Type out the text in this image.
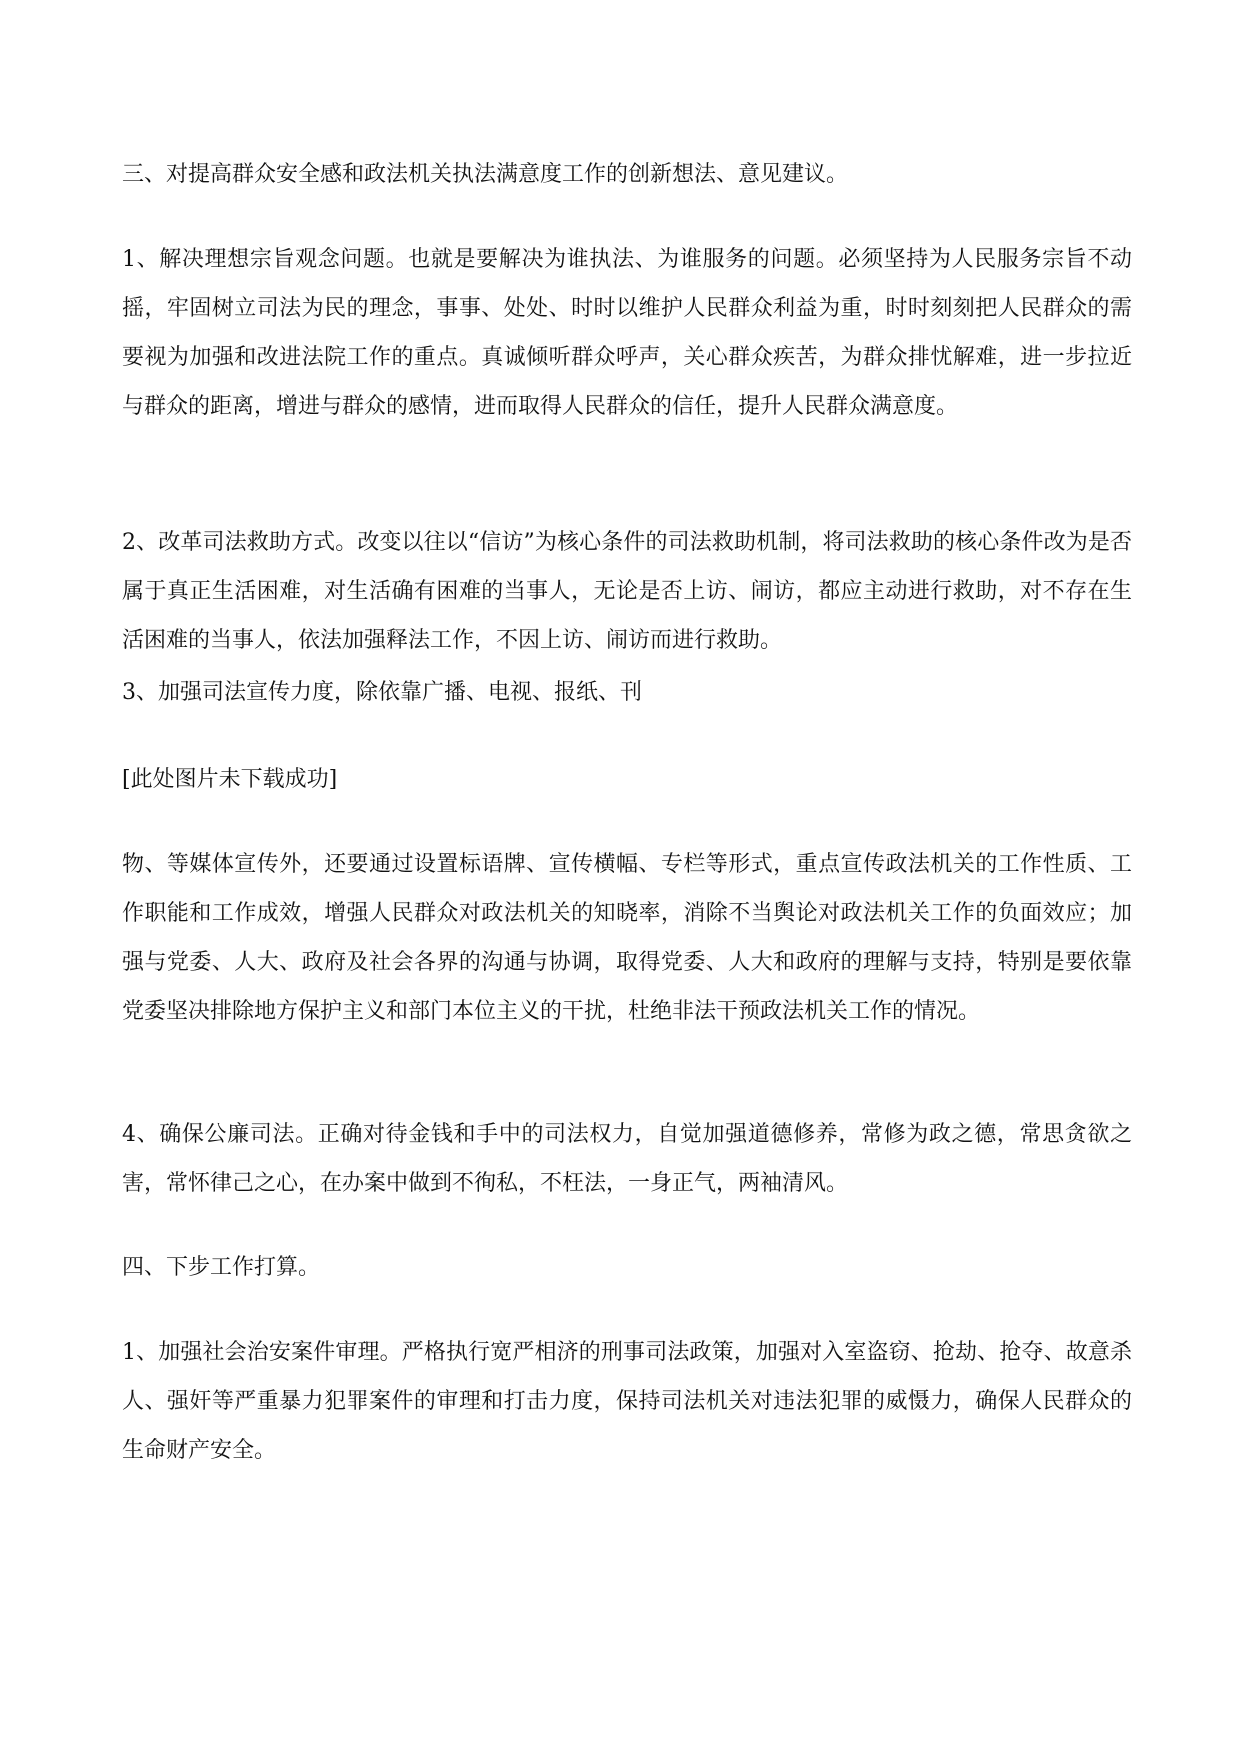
三、对提高群众安全感和政法机关执法满意度工作的创新想法、意见建议。

1、解决理想宗旨观念问题。也就是要解决为谁执法、为谁服务的问题。必须坚持为人民服务宗旨不动摇，牢固树立司法为民的理念，事事、处处、时时以维护人民群众利益为重，时时刻刻把人民群众的需要视为加强和改进法院工作的重点。真诚倾听群众呼声，关心群众疾苦，为群众排忧解难，进一步拉近与群众的距离，增进与群众的感情，进而取得人民群众的信任，提升人民群众满意度。

2、改革司法救助方式。改变以往以“信访”为核心条件的司法救助机制，将司法救助的核心条件改为是否属于真正生活困难，对生活确有困难的当事人，无论是否上访、闹访，都应主动进行救助，对不存在生活困难的当事人，依法加强释法工作，不因上访、闹访而进行救助。

3、加强司法宣传力度，除依靠广播、电视、报纸、刊

[此处图片未下载成功]

物、等媒体宣传外，还要通过设置标语牌、宣传横幅、专栏等形式，重点宣传政法机关的工作性质、工作职能和工作成效，增强人民群众对政法机关的知晓率，消除不当舆论对政法机关工作的负面效应；加强与党委、人大、政府及社会各界的沟通与协调，取得党委、人大和政府的理解与支持，特别是要依靠党委坚决排除地方保护主义和部门本位主义的干扰，杜绝非法干预政法机关工作的情况。

4、确保公廉司法。正确对待金钱和手中的司法权力，自觉加强道德修养，常修为政之德，常思贪欲之害，常怀律己之心，在办案中做到不徇私，不枉法，一身正气，两袖清风。

四、下步工作打算。

1、加强社会治安案件审理。严格执行宽严相济的刑事司法政策，加强对入室盗窃、抢劫、抢夺、故意杀人、强奸等严重暴力犯罪案件的审理和打击力度，保持司法机关对违法犯罪的威慑力，确保人民群众的生命财产安全。
